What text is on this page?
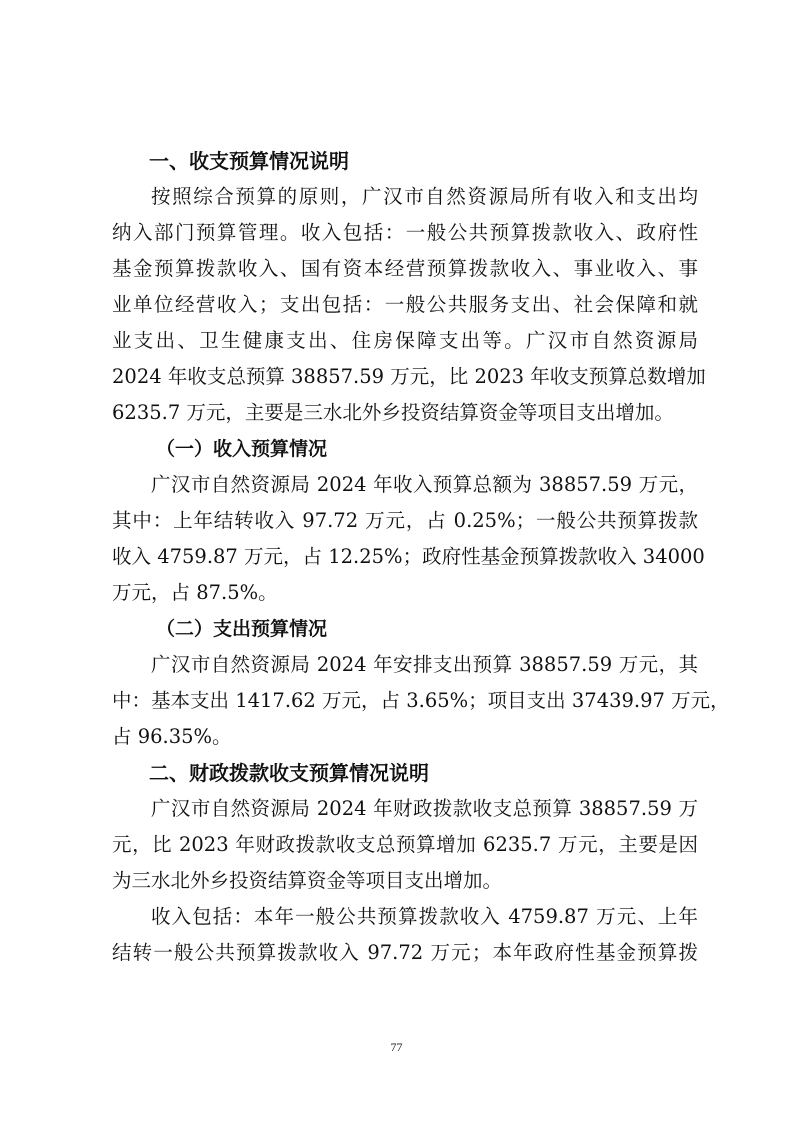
一、收支预算情况说明
按照综合预算的原则，广汉市自然资源局所有收入和支出均
纳入部门预算管理。收入包括：一般公共预算拨款收入、政府性
基金预算拨款收入、国有资本经营预算拨款收入、事业收入、事
业单位经营收入；支出包括：一般公共服务支出、社会保障和就
业支出、卫生健康支出、住房保障支出等。广汉市自然资源局
2024 年收支总预算 38857.59 万元，比 2023 年收支预算总数增加
6235.7 万元，主要是三水北外乡投资结算资金等项目支出增加。
（一）收入预算情况
广汉市自然资源局 2024 年收入预算总额为 38857.59 万元，
其中：上年结转收入 97.72 万元，占 0.25%；一般公共预算拨款
收入 4759.87 万元，占 12.25%；政府性基金预算拨款收入 34000
万元，占 87.5%。
（二）支出预算情况
广汉市自然资源局 2024 年安排支出预算 38857.59 万元，其
中：基本支出 1417.62 万元，占 3.65%；项目支出 37439.97 万元，
占 96.35%。
二、财政拨款收支预算情况说明
广汉市自然资源局 2024 年财政拨款收支总预算 38857.59 万
元，比 2023 年财政拨款收支总预算增加 6235.7 万元，主要是因
为三水北外乡投资结算资金等项目支出增加。
收入包括：本年一般公共预算拨款收入 4759.87 万元、上年
结转一般公共预算拨款收入 97.72 万元；本年政府性基金预算拨
77
